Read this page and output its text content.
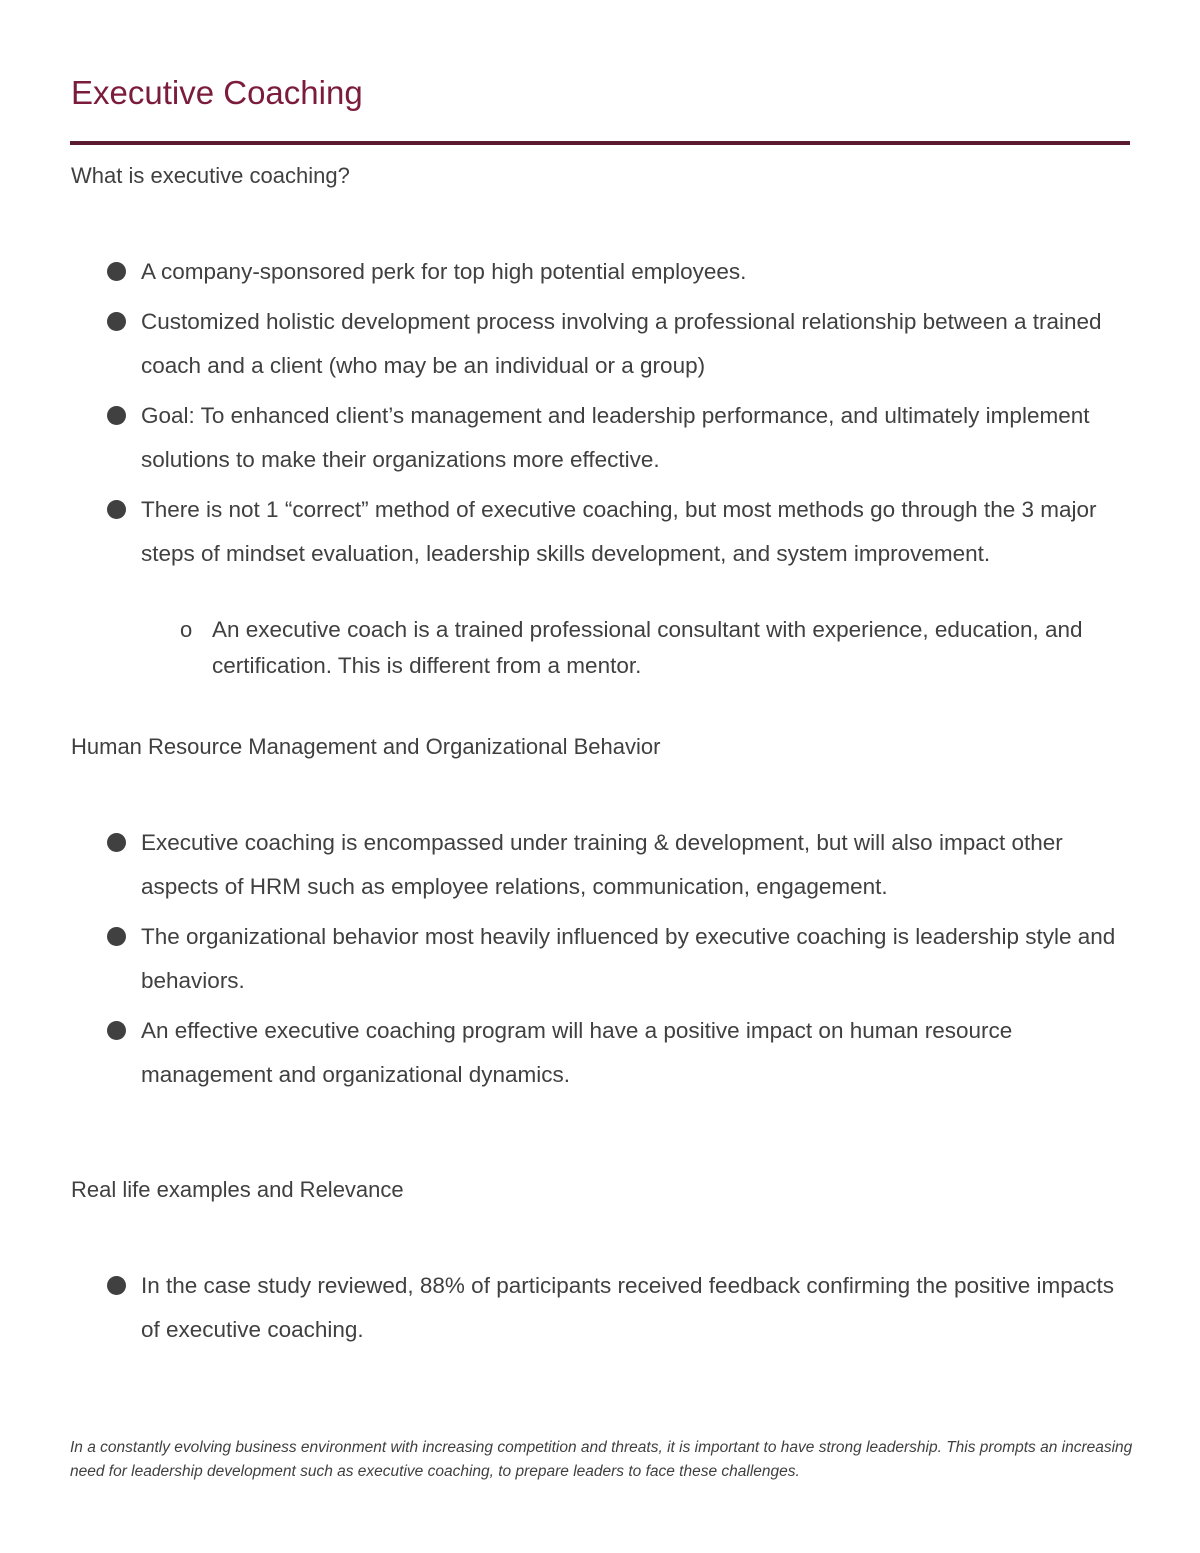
Executive Coaching
What is executive coaching?
A company-sponsored perk for top high potential employees.
Customized holistic development process involving a professional relationship between a trained coach and a client (who may be an individual or a group)
Goal: To enhanced client’s management and leadership performance, and ultimately implement solutions to make their organizations more effective.
There is not 1 “correct” method of executive coaching, but most methods go through the 3 major steps of mindset evaluation, leadership skills development, and system improvement.
o An executive coach is a trained professional consultant with experience, education, and certification. This is different from a mentor.
Human Resource Management and Organizational Behavior
Executive coaching is encompassed under training & development, but will also impact other aspects of HRM such as employee relations, communication, engagement.
The organizational behavior most heavily influenced by executive coaching is leadership style and behaviors.
An effective executive coaching program will have a positive impact on human resource management and organizational dynamics.
Real life examples and Relevance
In the case study reviewed, 88% of participants received feedback confirming the positive impacts of executive coaching.
In a constantly evolving business environment with increasing competition and threats, it is important to have strong leadership. This prompts an increasing need for leadership development such as executive coaching, to prepare leaders to face these challenges.
